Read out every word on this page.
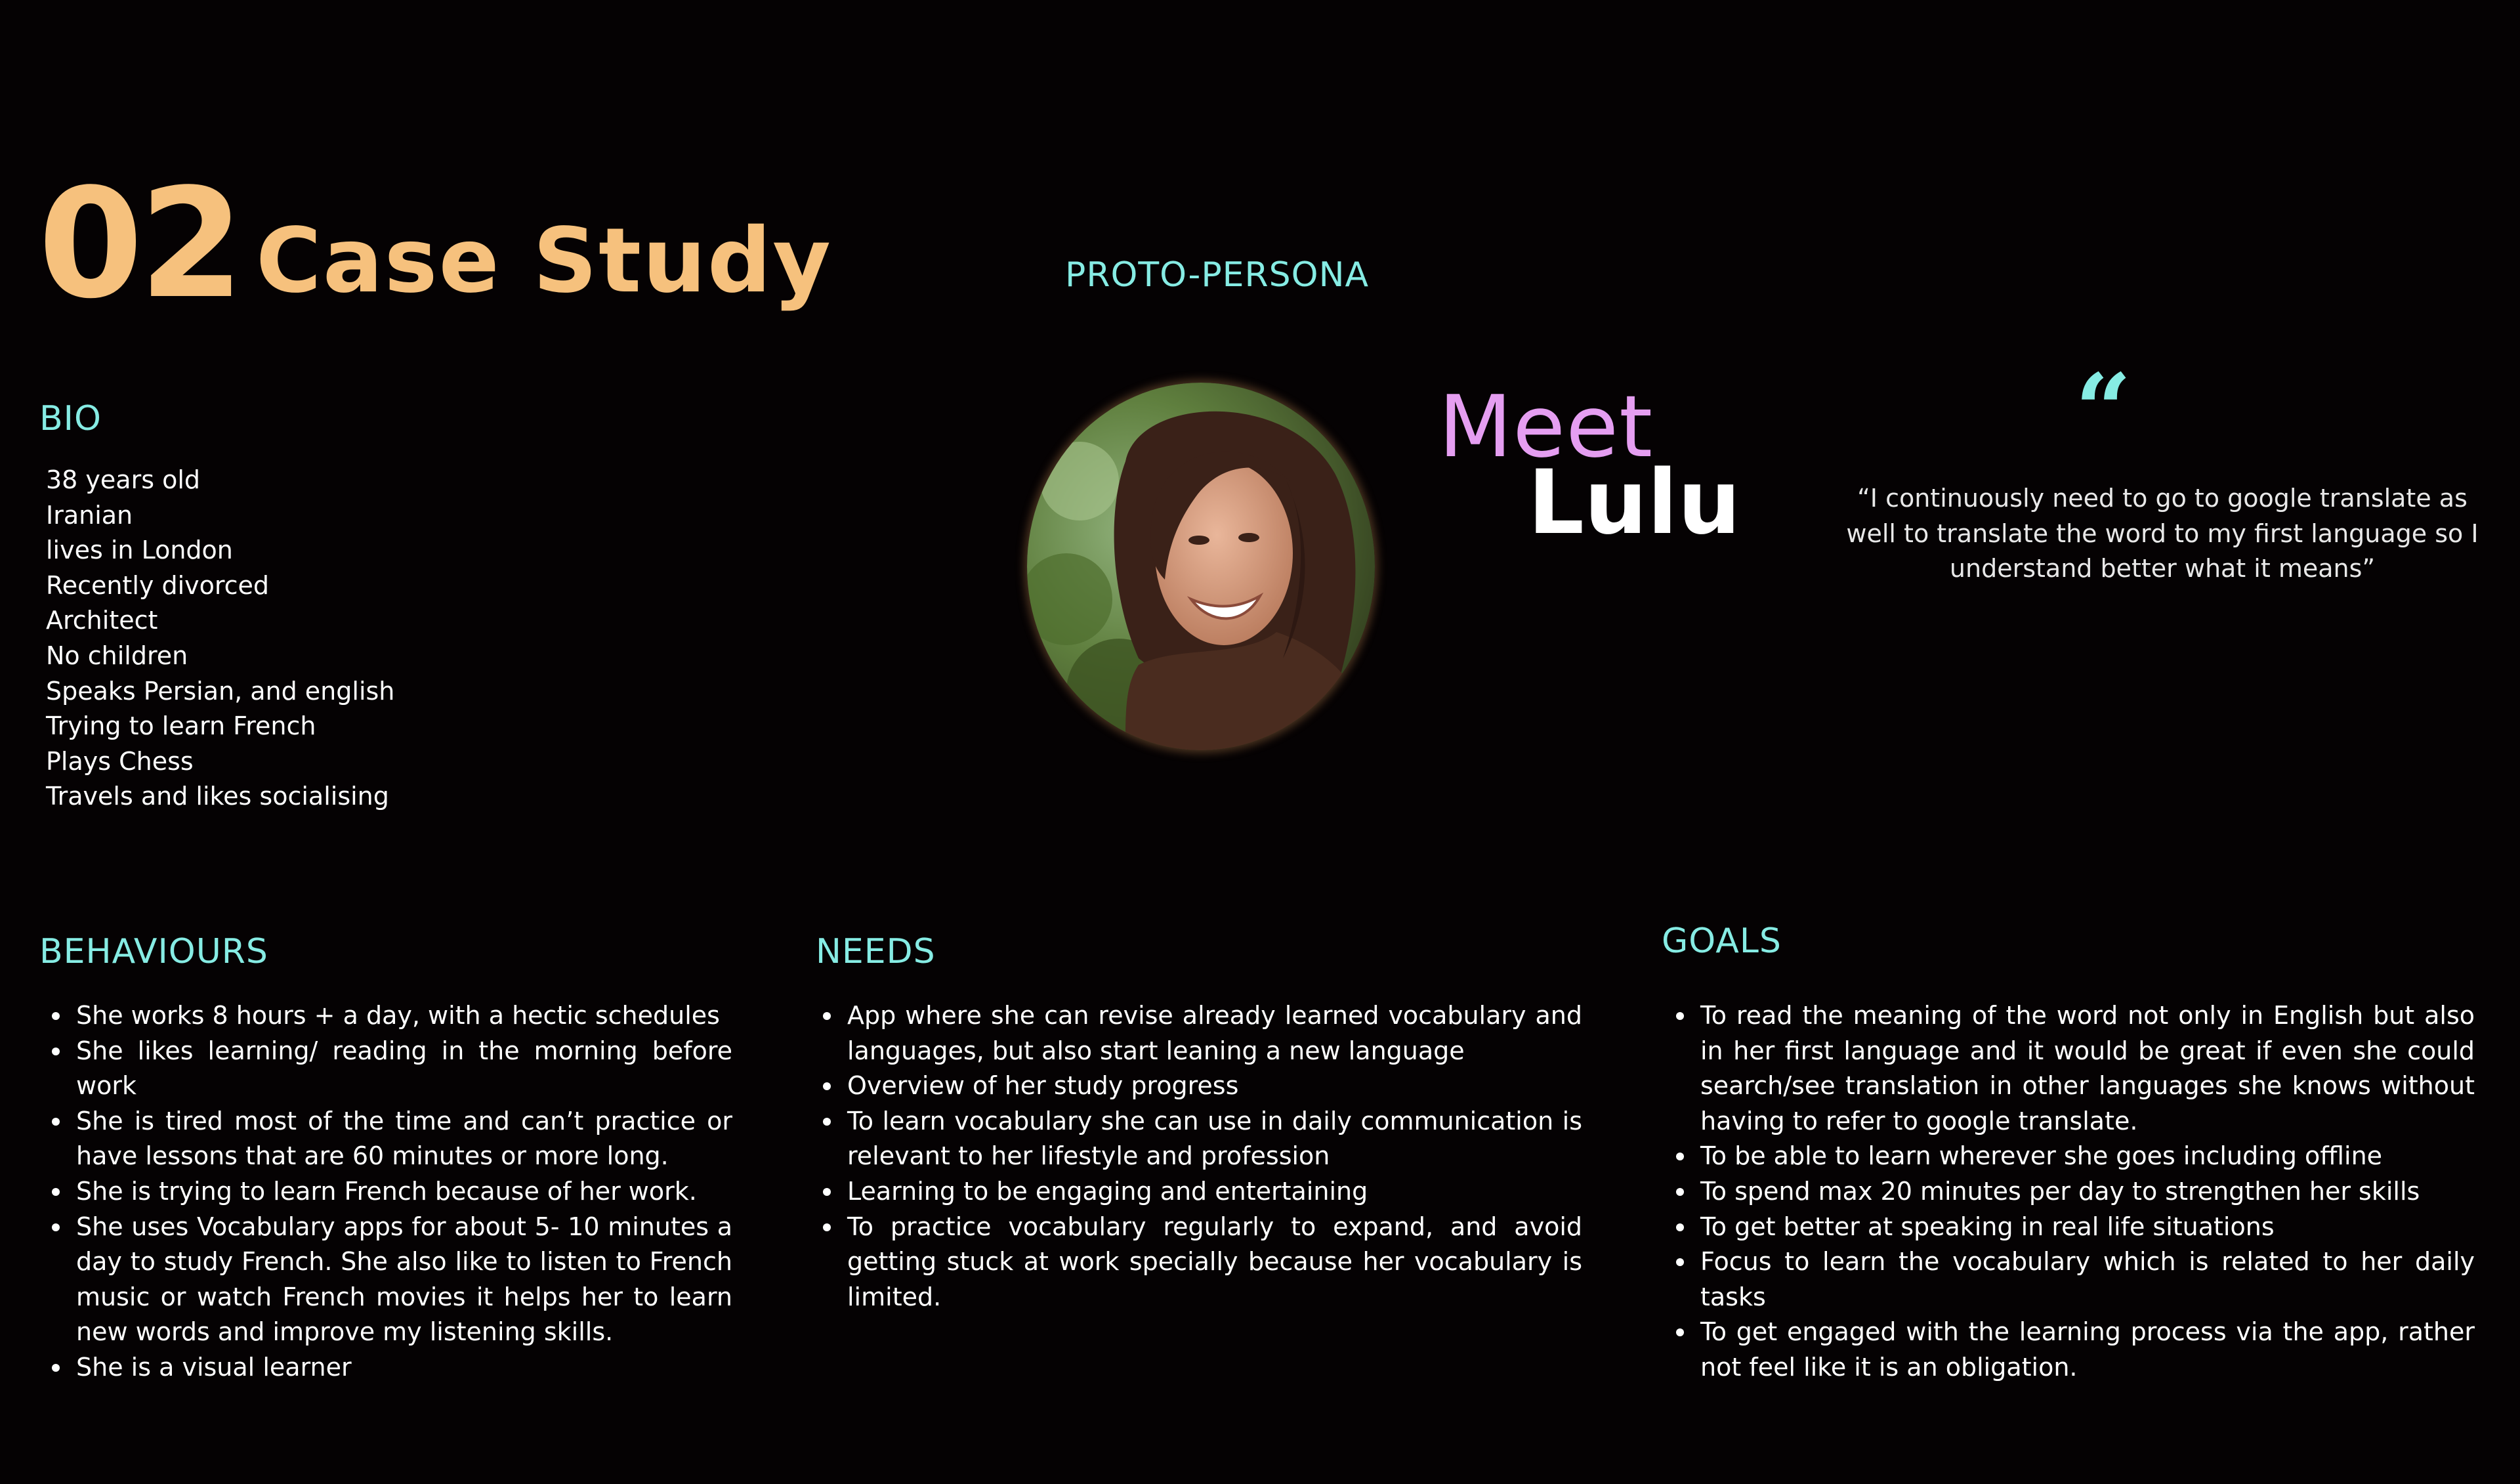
02 Case Study	PROTO-PERSONA
BIO
38 years old
Iranian
lives in London
Recently divorced
Architect
No children
Speaks Persian, and english
Trying to learn French
Plays Chess
Travels and likes socialising
Meet
Lulu
“
“I continuously need to go to google translate as well to translate the word to my first language so I understand better what it means”
BEHAVIOURS
She works 8 hours + a day, with a hectic schedules
She likes learning/ reading in the morning before work
She is tired most of the time and can’t practice or have lessons that are 60 minutes or more long.
She is trying to learn French because of her work.
She uses Vocabulary apps for about 5- 10 minutes a day to study French. She also like to listen to French music or watch French movies it helps her to learn new words and improve my listening skills.
She is a visual learner
NEEDS
App where she can revise already learned vocabulary and languages, but also start leaning a new language
Overview of her study progress
To learn vocabulary she can use in daily communication is relevant to her lifestyle and profession
Learning to be engaging and entertaining
To practice vocabulary regularly to expand, and avoid getting stuck at work specially because her vocabulary is limited.
GOALS
To read the meaning of the word not only in English but also in her first language and it would be great if even she could search/see translation in other languages she knows without having to refer to google translate.
To be able to learn wherever she goes including offline
To spend max 20 minutes per day to strengthen her skills
To get better at speaking in real life situations
Focus to learn the vocabulary which is related to her daily tasks
To get engaged with the learning process via the app, rather not feel like it is an obligation.
